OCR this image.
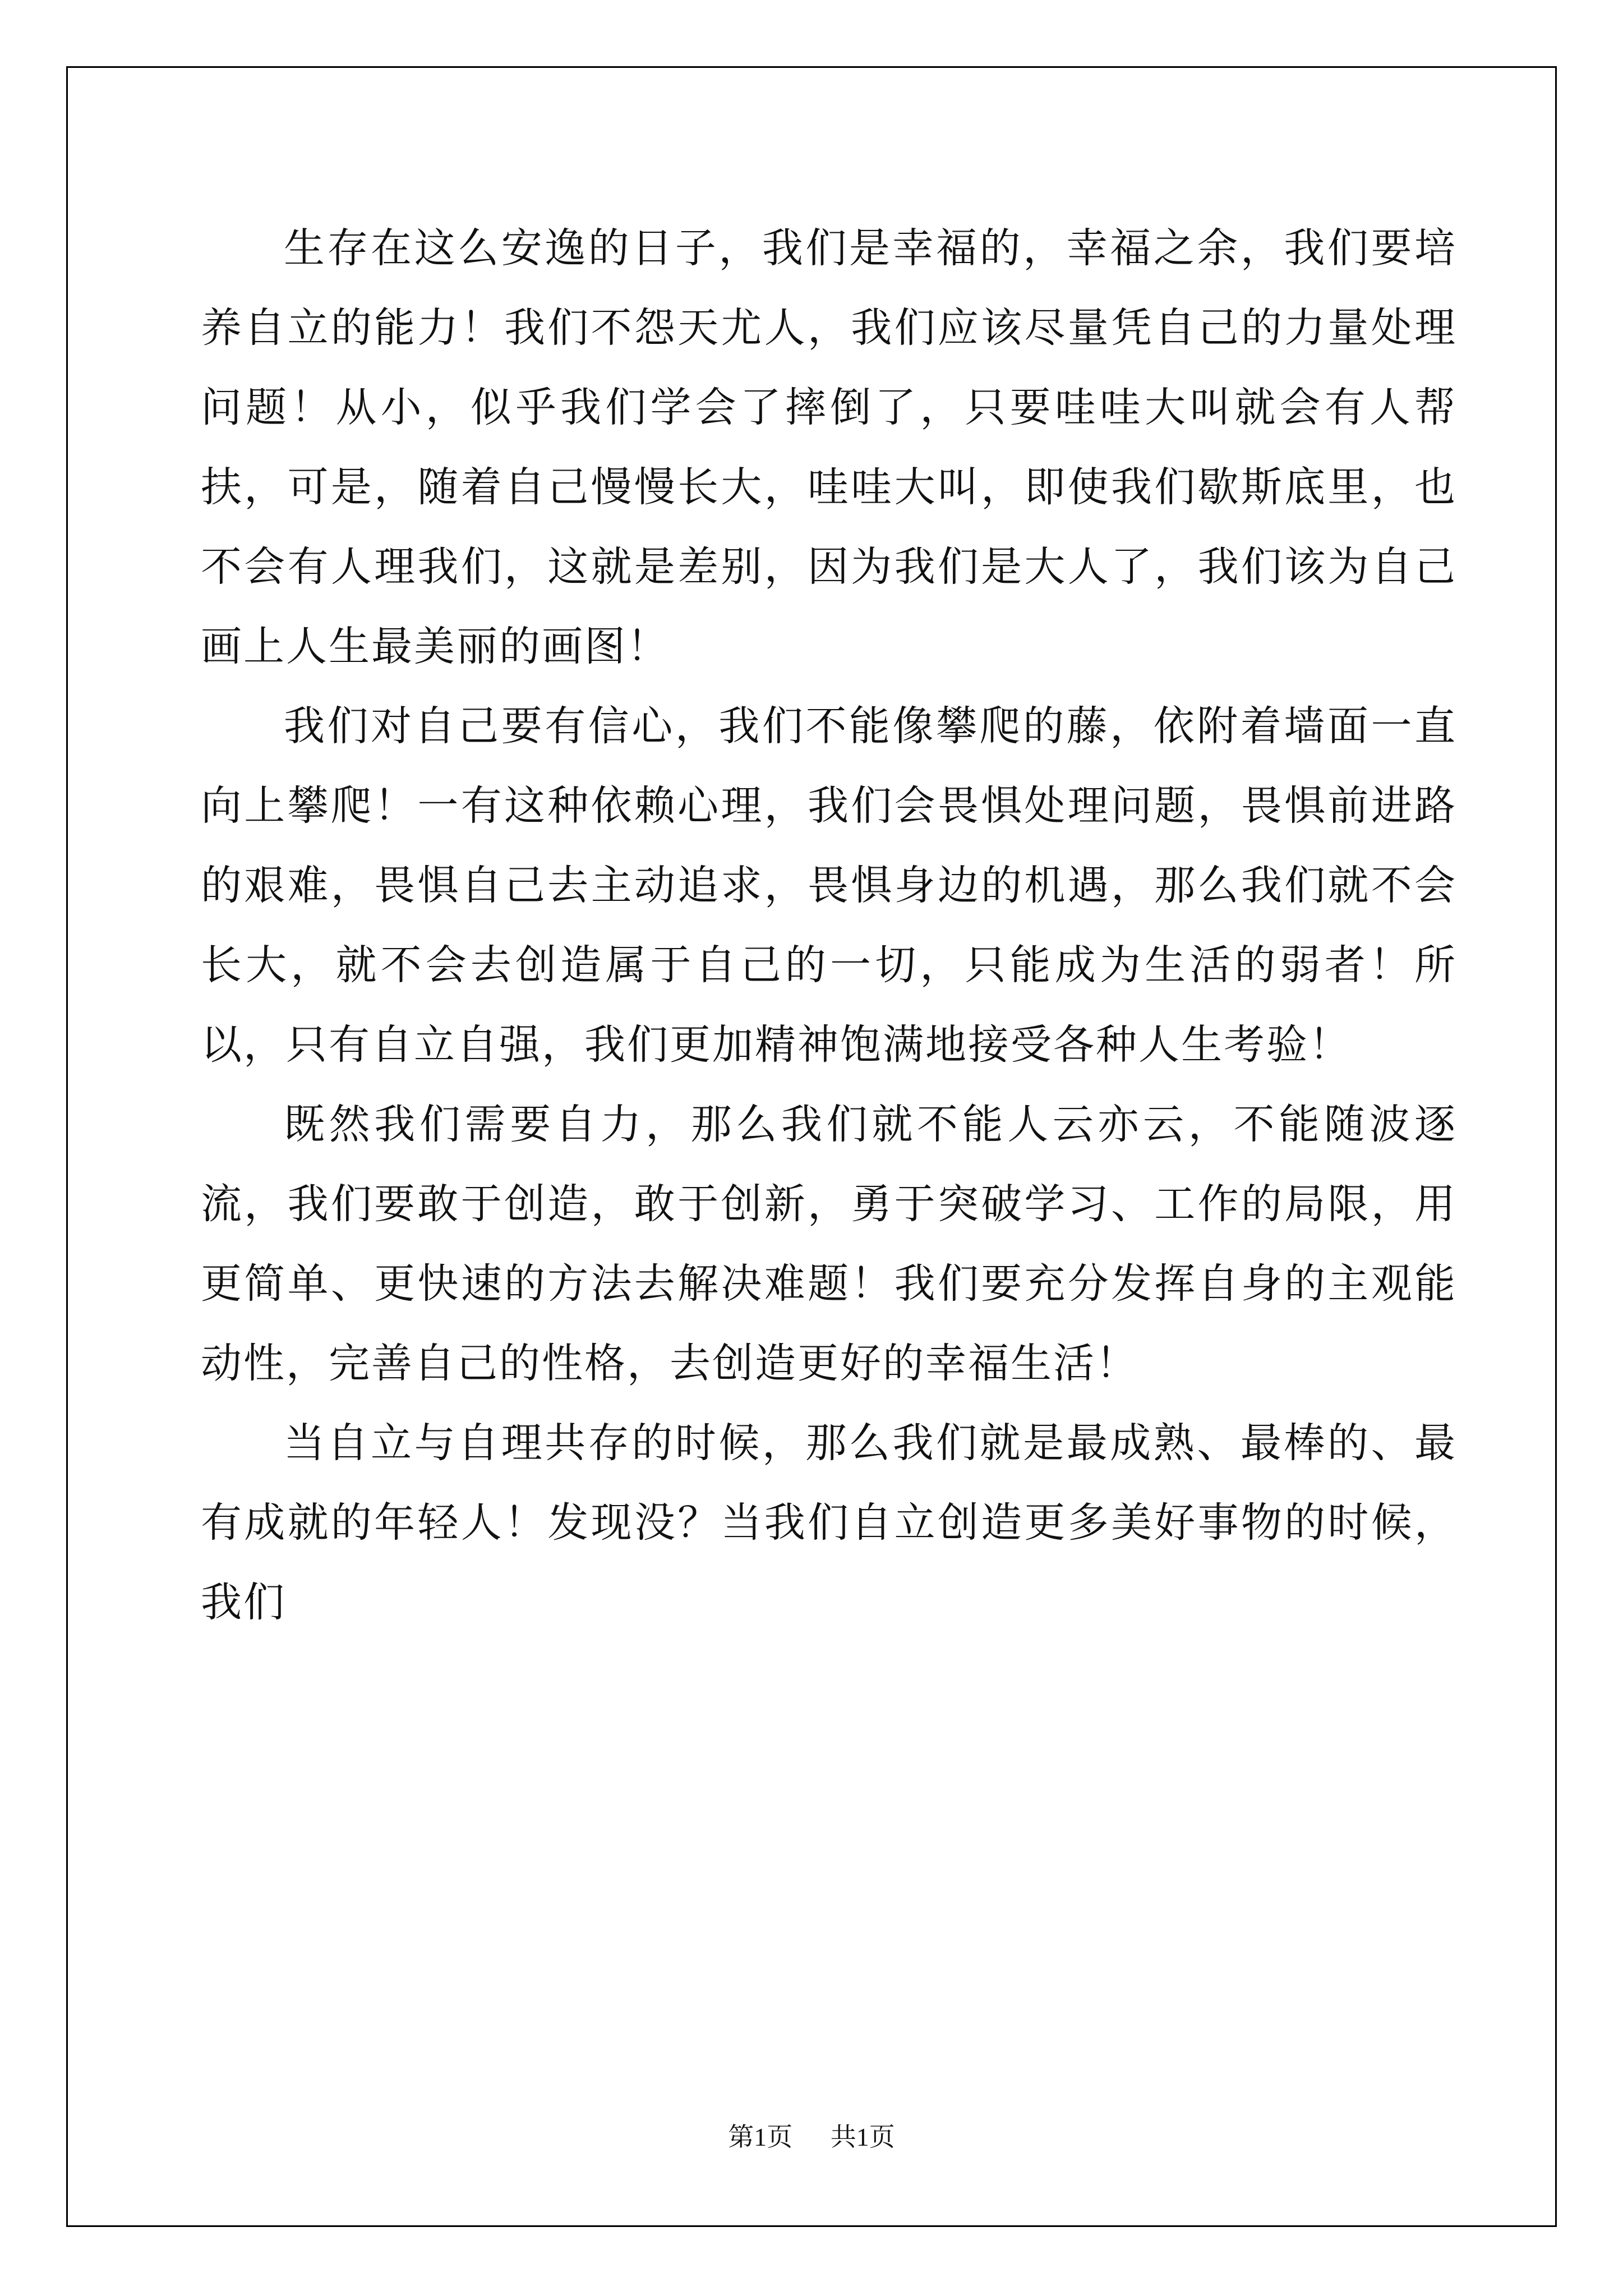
生存在这么安逸的日子，我们是幸福的，幸福之余，我们要培养自立的能力！我们不怨天尤人，我们应该尽量凭自己的力量处理问题！从小，似乎我们学会了摔倒了，只要哇哇大叫就会有人帮扶，可是，随着自己慢慢长大，哇哇大叫，即使我们歇斯底里，也不会有人理我们，这就是差别，因为我们是大人了，我们该为自己画上人生最美丽的画图！

我们对自己要有信心，我们不能像攀爬的藤，依附着墙面一直向上攀爬！一有这种依赖心理，我们会畏惧处理问题，畏惧前进路的艰难，畏惧自己去主动追求，畏惧身边的机遇，那么我们就不会长大，就不会去创造属于自己的一切，只能成为生活的弱者！所以，只有自立自强，我们更加精神饱满地接受各种人生考验！

既然我们需要自力，那么我们就不能人云亦云，不能随波逐流，我们要敢于创造，敢于创新，勇于突破学习、工作的局限，用更简单、更快速的方法去解决难题！我们要充分发挥自身的主观能动性，完善自己的性格，去创造更好的幸福生活！

当自立与自理共存的时候，那么我们就是最成熟、最棒的、最有成就的年轻人！发现没？当我们自立创造更多美好事物的时候，我们

第1页 共1页
